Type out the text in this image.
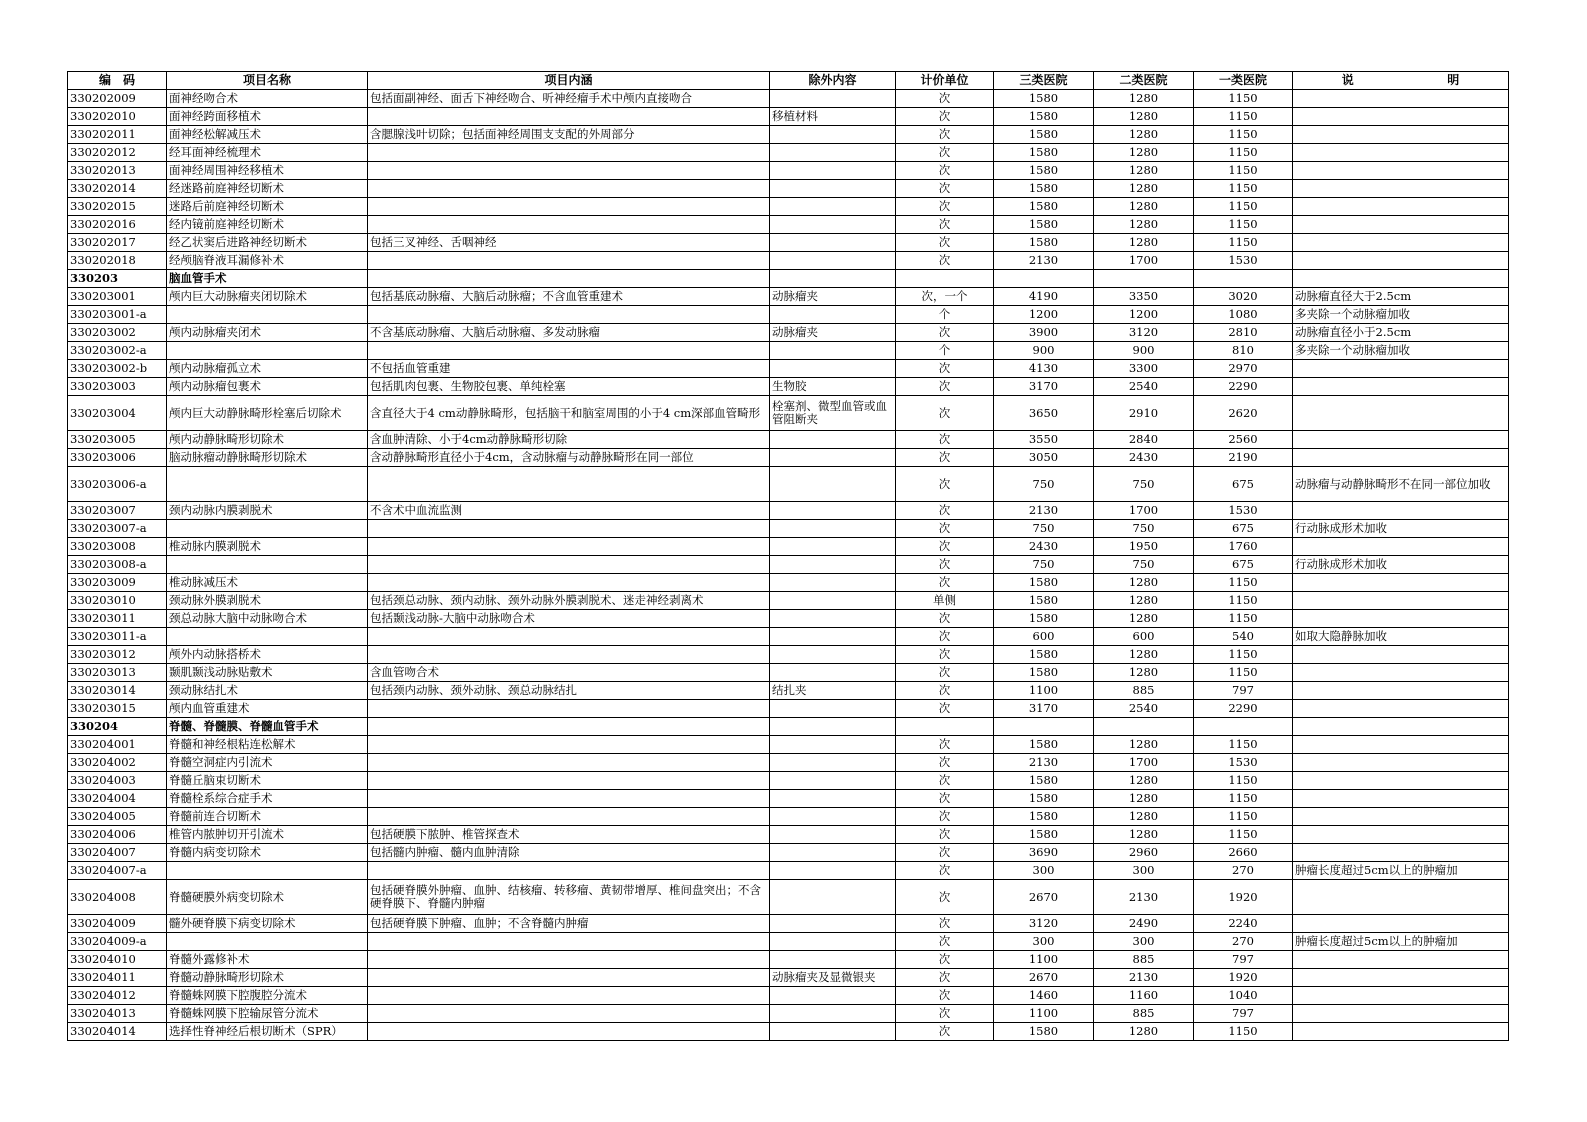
编　码	项目名称	项目内涵	除外内容	计价单位	三类医院	二类医院	一类医院	说 明

330202009	面神经吻合术	包括面副神经、面舌下神经吻合、听神经瘤手术中颅内直接吻合		次	1580	1280	1150	
330202010	面神经跨面移植术		移植材料	次	1580	1280	1150	
330202011	面神经松解减压术	含腮腺浅叶切除；包括面神经周围支支配的外周部分		次	1580	1280	1150	
330202012	经耳面神经梳理术			次	1580	1280	1150	
330202013	面神经周围神经移植术			次	1580	1280	1150	
330202014	经迷路前庭神经切断术			次	1580	1280	1150	
330202015	迷路后前庭神经切断术			次	1580	1280	1150	
330202016	经内镜前庭神经切断术			次	1580	1280	1150	
330202017	经乙状窦后进路神经切断术	包括三叉神经、舌咽神经		次	1580	1280	1150	
330202018	经颅脑脊液耳漏修补术			次	2130	1700	1530	
330203	脑血管手术							
330203001	颅内巨大动脉瘤夹闭切除术	包括基底动脉瘤、大脑后动脉瘤；不含血管重建术	动脉瘤夹	次，一个	4190	3350	3020	动脉瘤直径大于2.5cm
330203001-a				个	1200	1200	1080	多夹除一个动脉瘤加收
330203002	颅内动脉瘤夹闭术	不含基底动脉瘤、大脑后动脉瘤、多发动脉瘤	动脉瘤夹	次	3900	3120	2810	动脉瘤直径小于2.5cm
330203002-a				个	900	900	810	多夹除一个动脉瘤加收
330203002-b	颅内动脉瘤孤立术	不包括血管重建		次	4130	3300	2970	
330203003	颅内动脉瘤包裹术	包括肌肉包裹、生物胶包裹、单纯栓塞	生物胶	次	3170	2540	2290	
330203004	颅内巨大动静脉畸形栓塞后切除术	含直径大于4 cm动静脉畸形，包括脑干和脑室周围的小于4 cm深部血管畸形	栓塞剂、微型血管或血管阻断夹	次	3650	2910	2620	
330203005	颅内动静脉畸形切除术	含血肿清除、小于4cm动静脉畸形切除		次	3550	2840	2560	
330203006	脑动脉瘤动静脉畸形切除术	含动静脉畸形直径小于4cm，含动脉瘤与动静脉畸形在同一部位		次	3050	2430	2190	
330203006-a				次	750	750	675	动脉瘤与动静脉畸形不在同一部位加收
330203007	颈内动脉内膜剥脱术	不含术中血流监测		次	2130	1700	1530	
330203007-a				次	750	750	675	行动脉成形术加收
330203008	椎动脉内膜剥脱术			次	2430	1950	1760	
330203008-a				次	750	750	675	行动脉成形术加收
330203009	椎动脉减压术			次	1580	1280	1150	
330203010	颈动脉外膜剥脱术	包括颈总动脉、颈内动脉、颈外动脉外膜剥脱术、迷走神经剥离术		单侧	1580	1280	1150	
330203011	颈总动脉大脑中动脉吻合术	包括颞浅动脉-大脑中动脉吻合术		次	1580	1280	1150	
330203011-a				次	600	600	540	如取大隐静脉加收
330203012	颅外内动脉搭桥术			次	1580	1280	1150	
330203013	颞肌颞浅动脉贴敷术	含血管吻合术		次	1580	1280	1150	
330203014	颈动脉结扎术	包括颈内动脉、颈外动脉、颈总动脉结扎	结扎夹	次	1100	885	797	
330203015	颅内血管重建术			次	3170	2540	2290	
330204	脊髓、脊髓膜、脊髓血管手术							
330204001	脊髓和神经根粘连松解术			次	1580	1280	1150	
330204002	脊髓空洞症内引流术			次	2130	1700	1530	
330204003	脊髓丘脑束切断术			次	1580	1280	1150	
330204004	脊髓栓系综合症手术			次	1580	1280	1150	
330204005	脊髓前连合切断术			次	1580	1280	1150	
330204006	椎管内脓肿切开引流术	包括硬膜下脓肿、椎管探查术		次	1580	1280	1150	
330204007	脊髓内病变切除术	包括髓内肿瘤、髓内血肿清除		次	3690	2960	2660	
330204007-a				次	300	300	270	肿瘤长度超过5cm以上的肿瘤加
330204008	脊髓硬膜外病变切除术	包括硬脊膜外肿瘤、血肿、结核瘤、转移瘤、黄韧带增厚、椎间盘突出；不含硬脊膜下、脊髓内肿瘤		次	2670	2130	1920	
330204009	髓外硬脊膜下病变切除术	包括硬脊膜下肿瘤、血肿；不含脊髓内肿瘤		次	3120	2490	2240	
330204009-a				次	300	300	270	肿瘤长度超过5cm以上的肿瘤加
330204010	脊髓外露修补术			次	1100	885	797	
330204011	脊髓动静脉畸形切除术		动脉瘤夹及显微银夹	次	2670	2130	1920	
330204012	脊髓蛛网膜下腔腹腔分流术			次	1460	1160	1040	
330204013	脊髓蛛网膜下腔输尿管分流术			次	1100	885	797	
330204014	选择性脊神经后根切断术（SPR）			次	1580	1280	1150	
